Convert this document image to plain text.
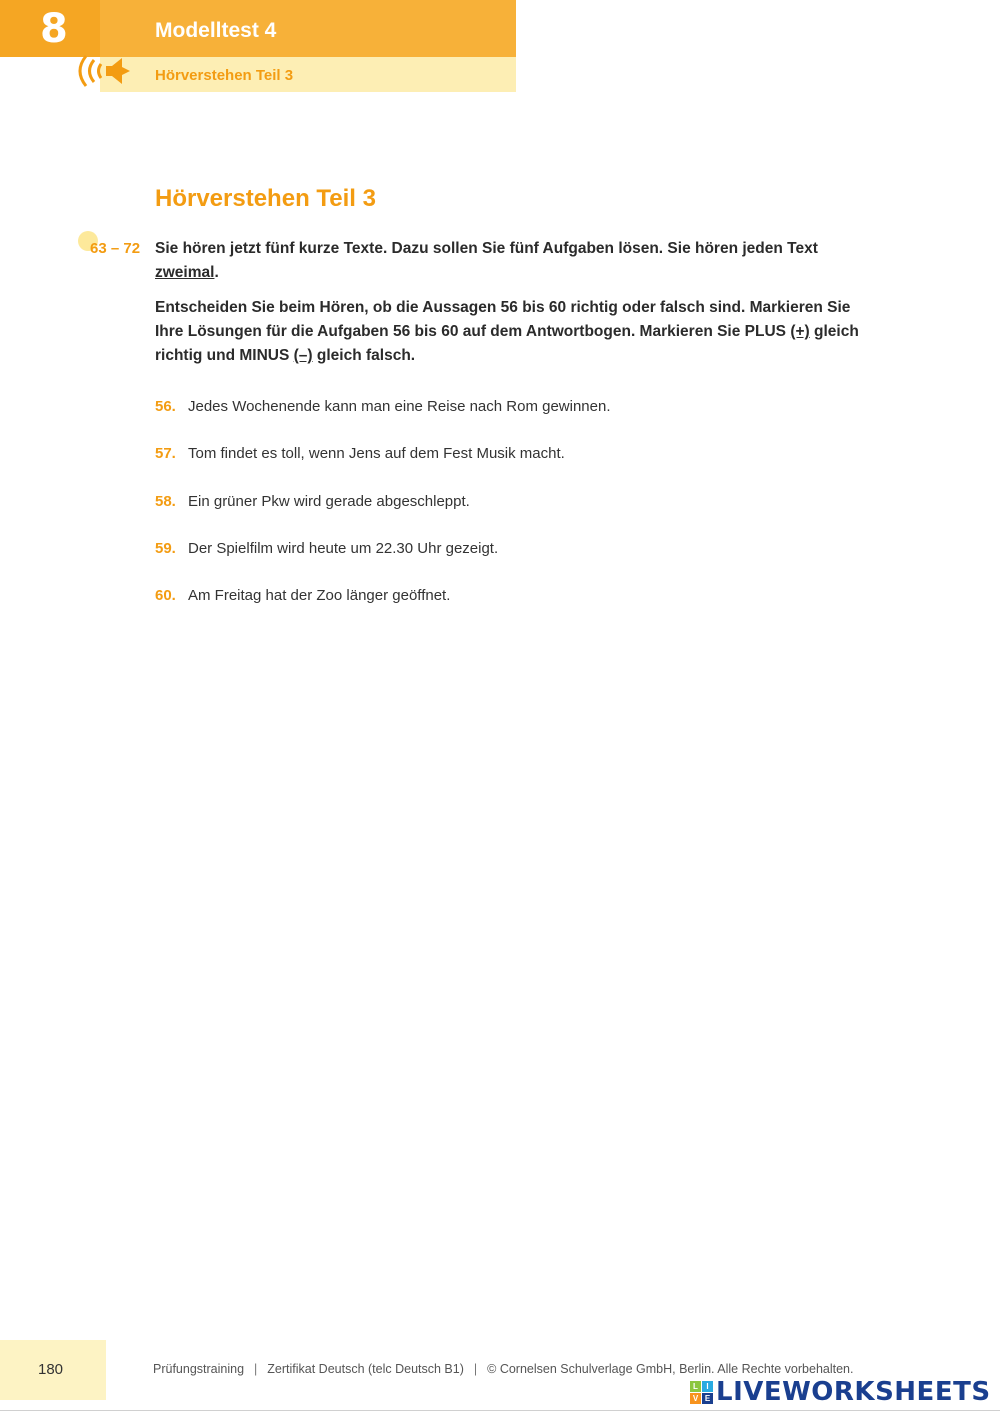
8	Modelltest 4
Hörverstehen Teil 3
Hörverstehen Teil 3
63 – 72 Sie hören jetzt fünf kurze Texte. Dazu sollen Sie fünf Aufgaben lösen. Sie hören jeden Text zweimal.
Entscheiden Sie beim Hören, ob die Aussagen 56 bis 60 richtig oder falsch sind. Markieren Sie Ihre Lösungen für die Aufgaben 56 bis 60 auf dem Antwortbogen. Markieren Sie PLUS (+) gleich richtig und MINUS (–) gleich falsch.
56. Jedes Wochenende kann man eine Reise nach Rom gewinnen.
57. Tom findet es toll, wenn Jens auf dem Fest Musik macht.
58. Ein grüner Pkw wird gerade abgeschleppt.
59. Der Spielfilm wird heute um 22.30 Uhr gezeigt.
60. Am Freitag hat der Zoo länger geöffnet.
180	Prüfungstraining | Zertifikat Deutsch (telc Deutsch B1) | © Cornelsen Schulverlage GmbH, Berlin. Alle Rechte vorbehalten.
L	I
V E LIVEWORKSHEETS
